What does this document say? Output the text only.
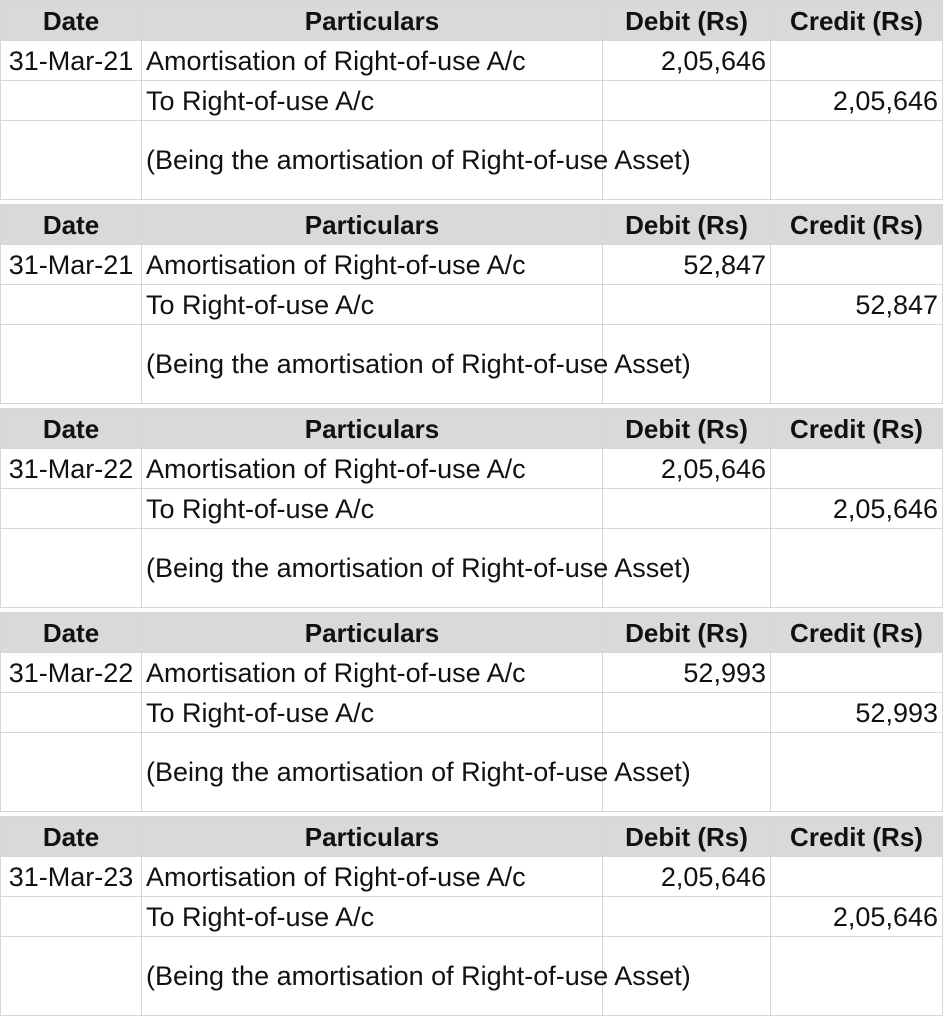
Date	Particulars	Debit (Rs)	Credit (Rs)
31-Mar-21	Amortisation of Right-of-use A/c	2,05,646	
	To Right-of-use A/c		2,05,646
	(Being the amortisation of Right-of-use Asset)		
Date	Particulars	Debit (Rs)	Credit (Rs)
31-Mar-21	Amortisation of Right-of-use A/c	52,847	
	To Right-of-use A/c		52,847
	(Being the amortisation of Right-of-use Asset)		
Date	Particulars	Debit (Rs)	Credit (Rs)
31-Mar-22	Amortisation of Right-of-use A/c	2,05,646	
	To Right-of-use A/c		2,05,646
	(Being the amortisation of Right-of-use Asset)		
Date	Particulars	Debit (Rs)	Credit (Rs)
31-Mar-22	Amortisation of Right-of-use A/c	52,993	
	To Right-of-use A/c		52,993
	(Being the amortisation of Right-of-use Asset)		
Date	Particulars	Debit (Rs)	Credit (Rs)
31-Mar-23	Amortisation of Right-of-use A/c	2,05,646	
	To Right-of-use A/c		2,05,646
	(Being the amortisation of Right-of-use Asset)		
